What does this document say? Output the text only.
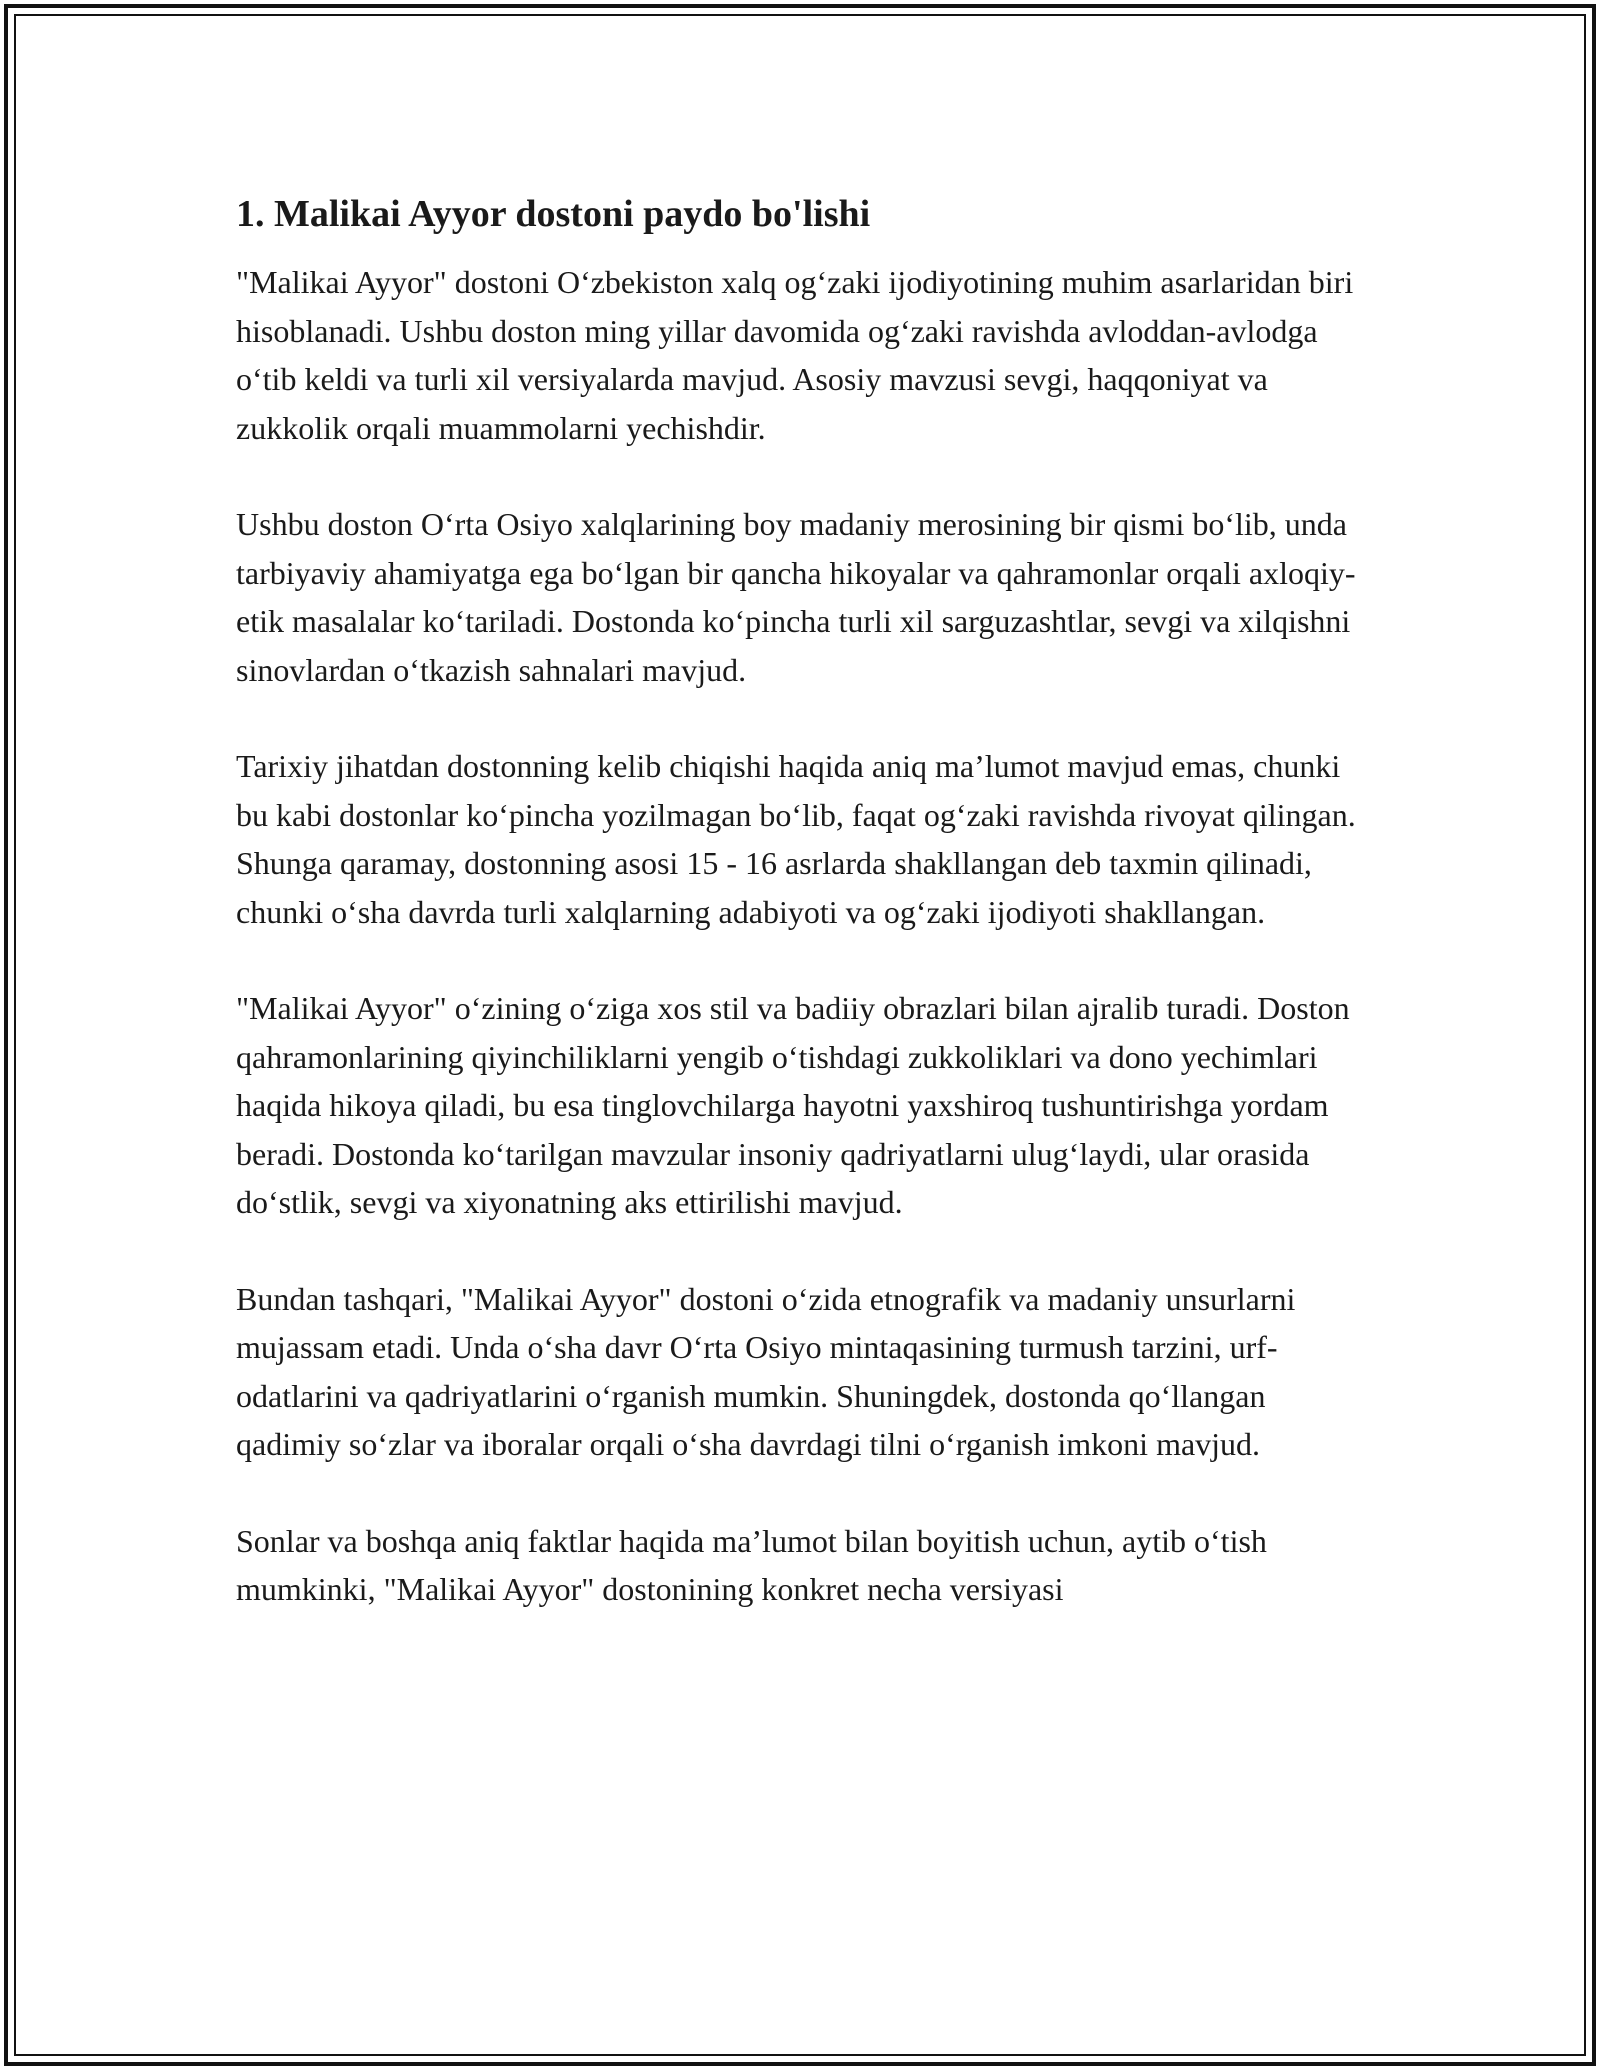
1. Malikai Ayyor dostoni paydo bo'lishi

"Malikai Ayyor" dostoni O‘zbekiston xalq og‘zaki ijodiyotining muhim asarlaridan biri hisoblanadi. Ushbu doston ming yillar davomida og‘zaki ravishda avloddan-avlodga o‘tib keldi va turli xil versiyalarda mavjud. Asosiy mavzusi sevgi, haqqoniyat va zukkolik orqali muammolarni yechishdir.

Ushbu doston O‘rta Osiyo xalqlarining boy madaniy merosining bir qismi bo‘lib, unda tarbiyaviy ahamiyatga ega bo‘lgan bir qancha hikoyalar va qahramonlar orqali axloqiy-etik masalalar ko‘tariladi. Dostonda ko‘pincha turli xil sarguzashtlar, sevgi va xilqishni sinovlardan o‘tkazish sahnalari mavjud.

Tarixiy jihatdan dostonning kelib chiqishi haqida aniq ma’lumot mavjud emas, chunki bu kabi dostonlar ko‘pincha yozilmagan bo‘lib, faqat og‘zaki ravishda rivoyat qilingan. Shunga qaramay, dostonning asosi 15 - 16 asrlarda shakllangan deb taxmin qilinadi, chunki o‘sha davrda turli xalqlarning adabiyoti va og‘zaki ijodiyoti shakllangan.

"Malikai Ayyor" o‘zining o‘ziga xos stil va badiiy obrazlari bilan ajralib turadi. Doston qahramonlarining qiyinchiliklarni yengib o‘tishdagi zukkoliklari va dono yechimlari haqida hikoya qiladi, bu esa tinglovchilarga hayotni yaxshiroq tushuntirishga yordam beradi. Dostonda ko‘tarilgan mavzular insoniy qadriyatlarni ulug‘laydi, ular orasida do‘stlik, sevgi va xiyonatning aks ettirilishi mavjud.

Bundan tashqari, "Malikai Ayyor" dostoni o‘zida etnografik va madaniy unsurlarni mujassam etadi. Unda o‘sha davr O‘rta Osiyo mintaqasining turmush tarzini, urf-odatlarini va qadriyatlarini o‘rganish mumkin. Shuningdek, dostonda qo‘llangan qadimiy so‘zlar va iboralar orqali o‘sha davrdagi tilni o‘rganish imkoni mavjud.

Sonlar va boshqa aniq faktlar haqida ma’lumot bilan boyitish uchun, aytib o‘tish mumkinki, "Malikai Ayyor" dostonining konkret necha versiyasi
